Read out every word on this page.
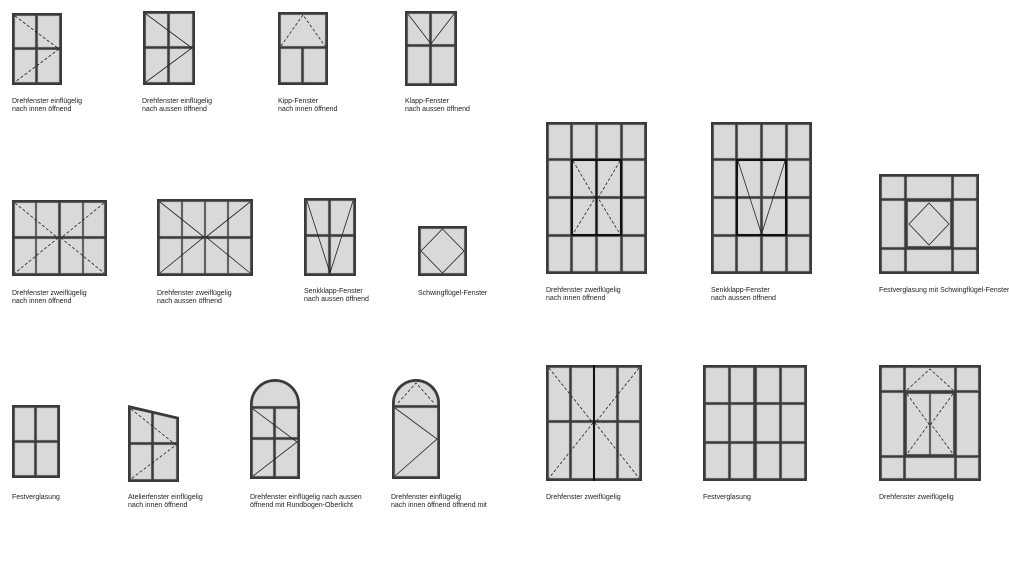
Drehfenster einflügelig
nach innen öffnend
Drehfenster einflügelig
nach aussen öffnend
Kipp-Fenster
nach innen öffnend
Klapp-Fenster
nach aussen öffnend
Drehfenster zweiflügelig
nach innen öffnend
Drehfenster zweiflügelig
nach aussen öffnend
Senkklapp-Fenster
nach aussen öffnend
Schwingflügel-Fenster	Drehfenster zweiflügelig
nach innen öffnend
Senkklapp-Fenster
nach aussen öffnend
Festverglasung mit Schwingflügel-Fenster
Festverglasung	Atelierfenster einflügelig
nach innen öffnend
Drehfenster einflügelig nach aussen
öffnend mit Rundbogen-Oberlicht
Drehfenster einflügelig
nach innen öffnend öffnend mit
Drehfenster zweiflügelig	Festverglasung	Drehfenster zweiflügelig
